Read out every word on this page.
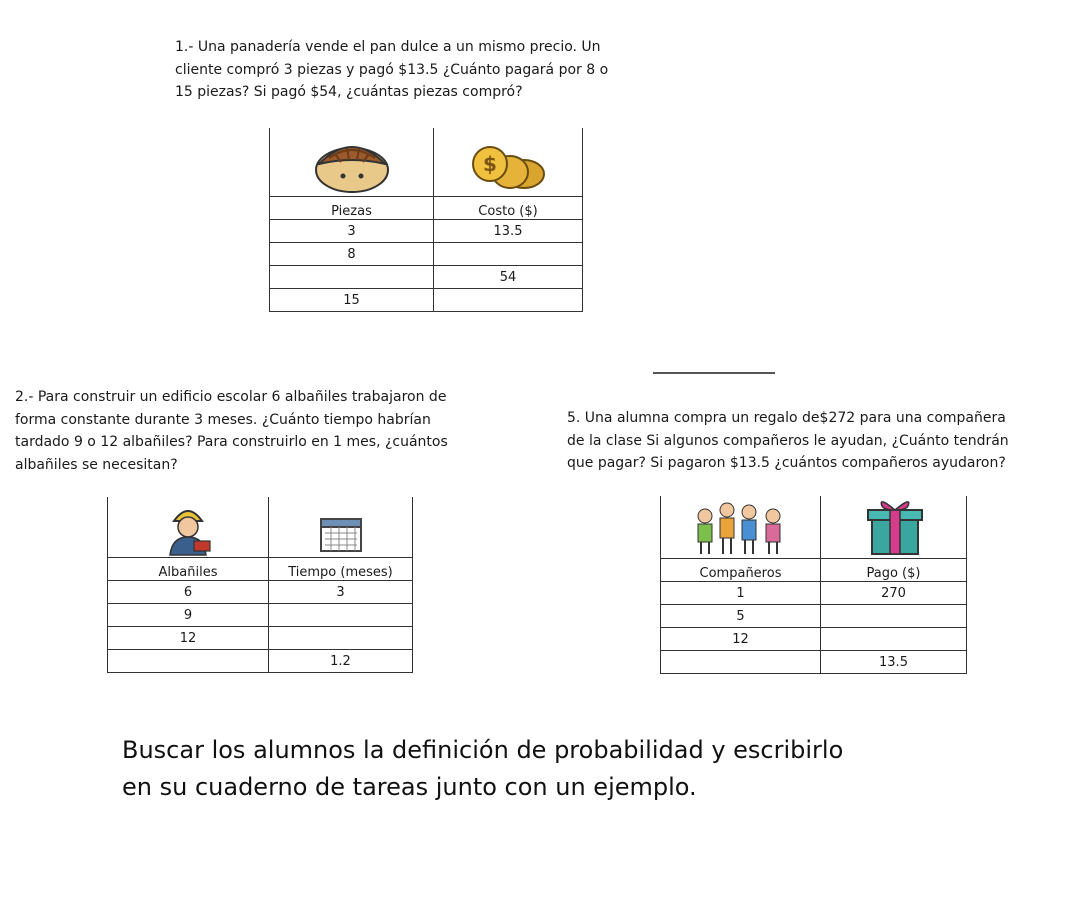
1.- Una panadería vende el pan dulce a un mismo precio. Un
cliente compró 3 piezas y pagó $13.5 ¿Cuánto pagará por 8 o
15 piezas? Si pagó $54, ¿cuántas piezas compró?

$

Piezas	Costo ($)
3	13.5
8	
	54
15	
2.- Para construir un edificio escolar 6 albañiles trabajaron de
forma constante durante 3 meses. ¿Cuánto tiempo habrían
tardado 9 o 12 albañiles? Para construirlo en 1 mes, ¿cuántos
albañiles se necesitan?
5. Una alumna compra un regalo de$272 para una compañera
de la clase Si algunos compañeros le ayudan, ¿Cuánto tendrán
que pagar? Si pagaron $13.5 ¿cuántos compañeros ayudaron?

Albañiles	Tiempo (meses)
6	3
9	
12	
	1.2

Compañeros	Pago ($)
1	270
5	
12	
	13.5
Buscar los alumnos la definición de probabilidad y escribirlo
en su cuaderno de tareas junto con un ejemplo.
